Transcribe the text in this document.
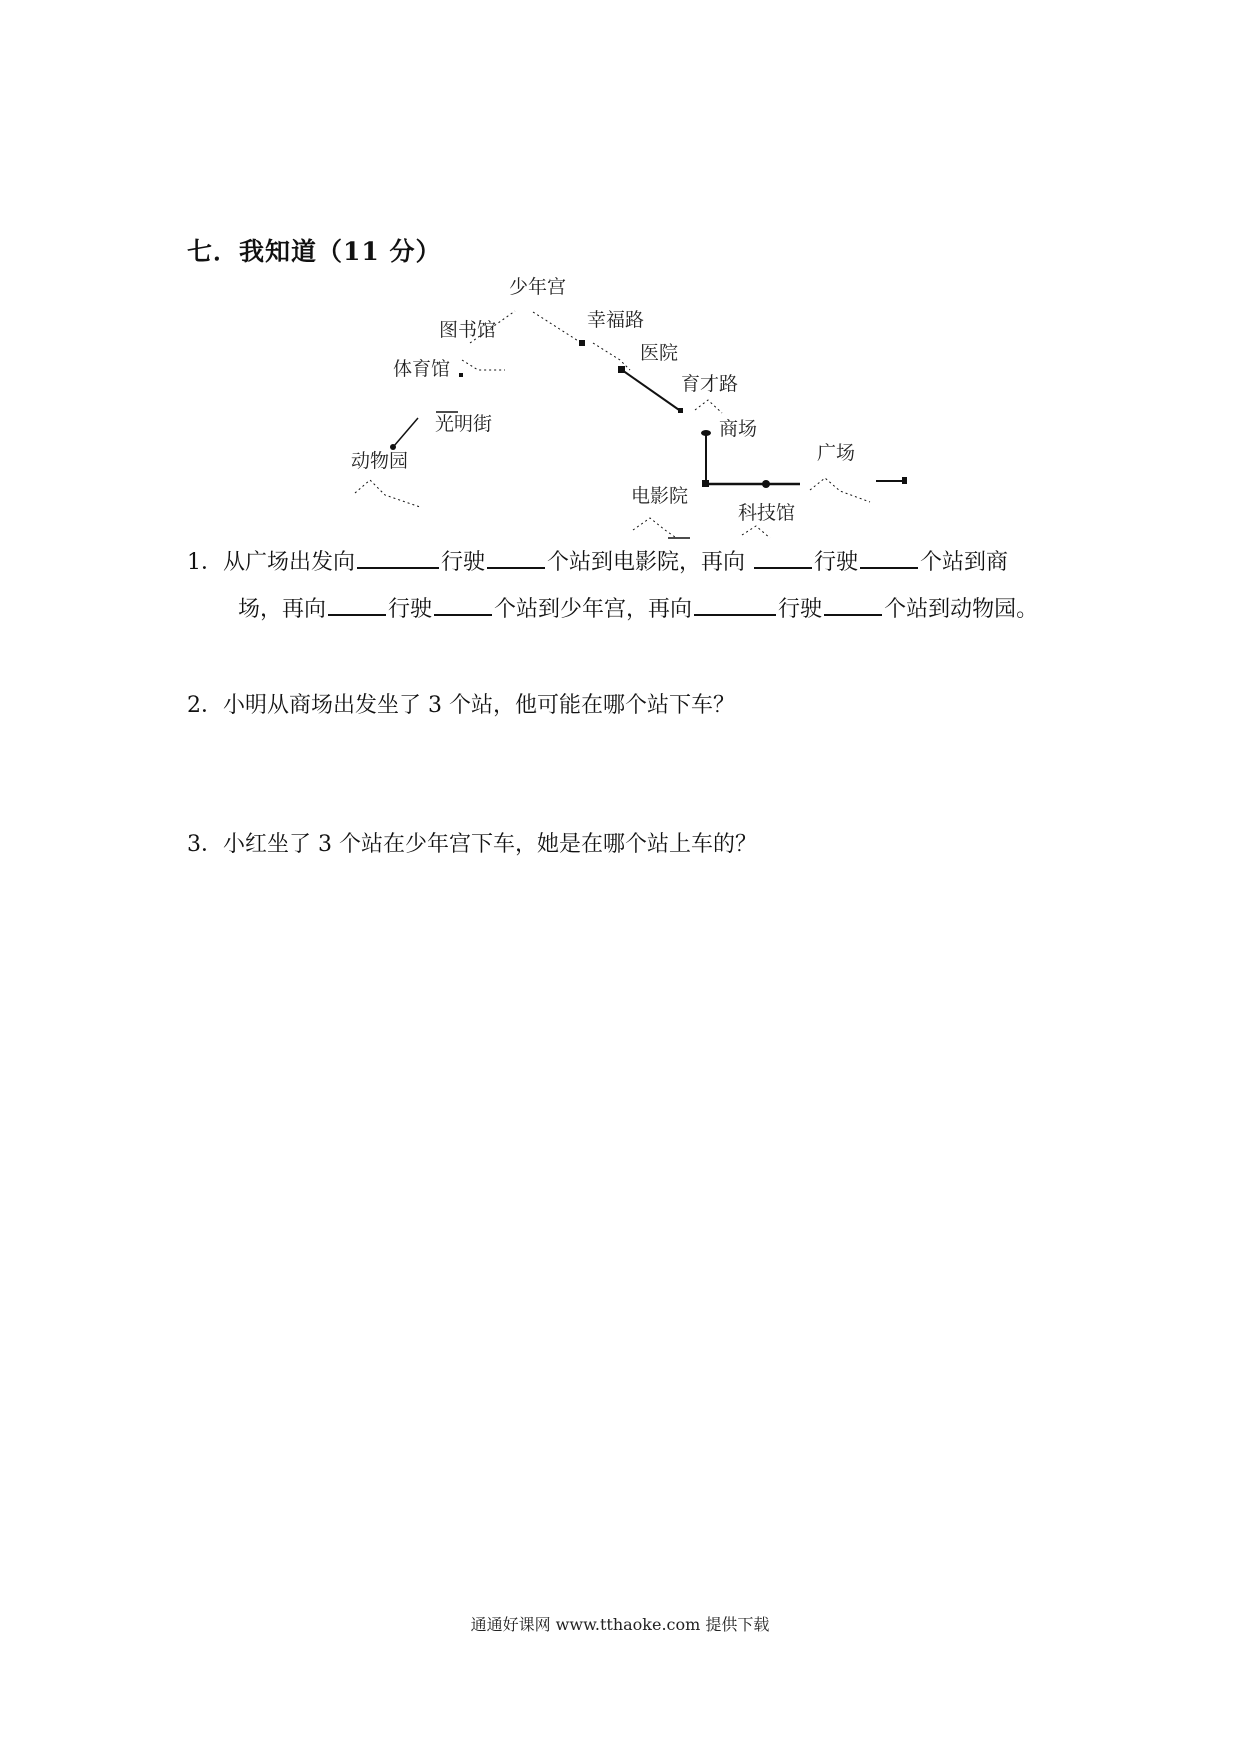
七．我知道（11 分）
少年宫
图书馆	幸福路
医院
体育馆
育才路
光明街	商场
广场
动物园
电影院
科技馆
1．从广场出发向	行驶	个站到电影院，再向	行驶	个站到商
场，再向	行驶	个站到少年宫，再向	行驶	个站到动物园。
2．小明从商场出发坐了 3 个站，他可能在哪个站下车？
3．小红坐了 3 个站在少年宫下车，她是在哪个站上车的？
通通好课网 www.tthaoke.com 提供下载
